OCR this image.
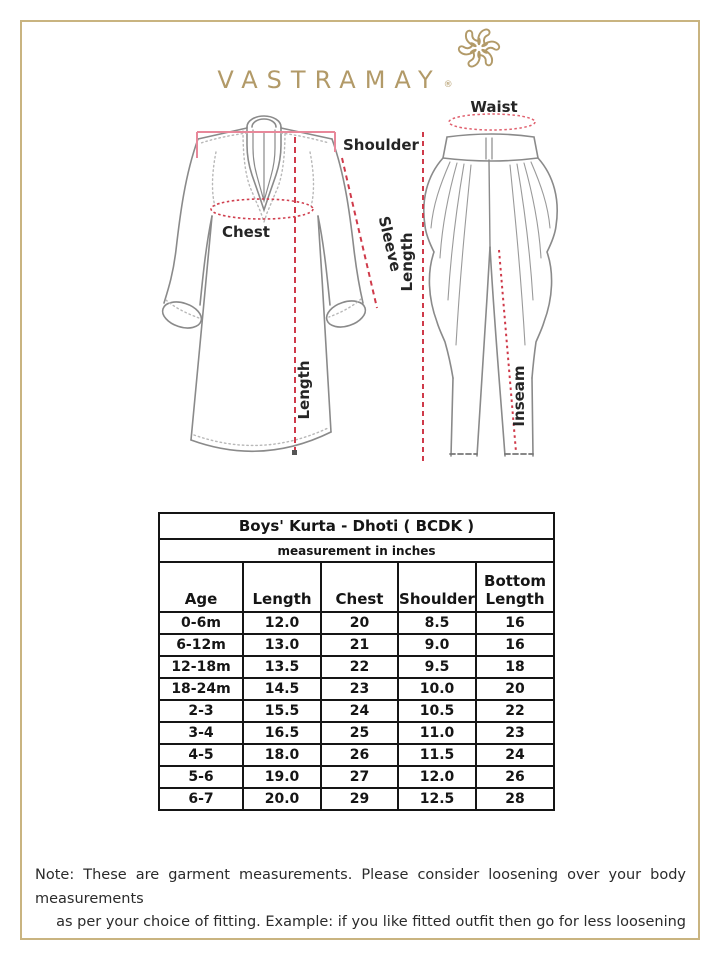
VASTRAMAY ®
Shoulder
Chest	Sleeve
Length
Waist
Length
Inseam
Boys' Kurta - Dhoti ( BCDK )				
measurement in inches				
Age	Length	Chest	Shoulder	Bottom Length
0-6m	12.0	20	8.5	16
6-12m	13.0	21	9.0	16
12-18m	13.5	22	9.5	18
18-24m	14.5	23	10.0	20
2-3	15.5	24	10.5	22
3-4	16.5	25	11.0	23
4-5	18.0	26	11.5	24
5-6	19.0	27	12.0	26
6-7	20.0	29	12.5	28
Note: These are garment measurements. Please consider loosening over your body measurements
as per your choice of fitting. Example: if you like fitted outfit then go for less loosening
